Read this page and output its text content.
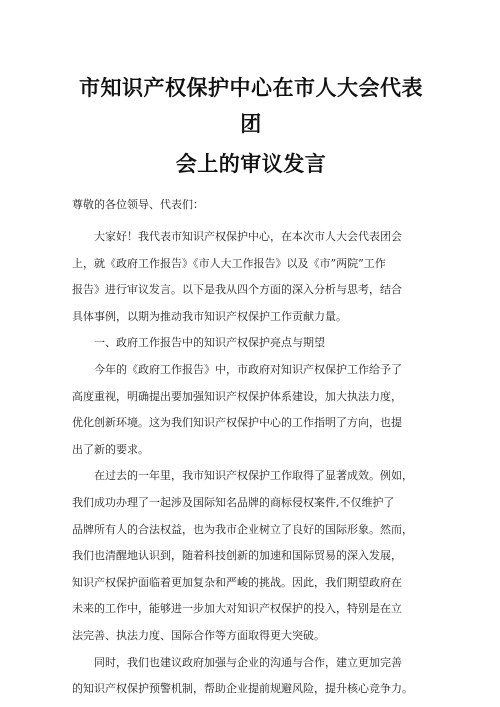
市知识产权保护中心在市人大会代表团
会上的审议发言

尊敬的各位领导、代表们：

大家好！我代表市知识产权保护中心，在本次市人大会代表团会
上，就《政府工作报告》《市人大工作报告》以及《市”两院”工作
报告》进行审议发言。以下是我从四个方面的深入分析与思考，结合
具体事例，以期为推动我市知识产权保护工作贡献力量。

一、政府工作报告中的知识产权保护亮点与期望

今年的《政府工作报告》中，市政府对知识产权保护工作给予了
高度重视，明确提出要加强知识产权保护体系建设，加大执法力度，
优化创新环境。这为我们知识产权保护中心的工作指明了方向，也提
出了新的要求。

在过去的一年里，我市知识产权保护工作取得了显著成效。例如，
我们成功办理了一起涉及国际知名品牌的商标侵权案件,不仅维护了
品牌所有人的合法权益，也为我市企业树立了良好的国际形象。然而，
我们也清醒地认识到，随着科技创新的加速和国际贸易的深入发展，
知识产权保护面临着更加复杂和严峻的挑战。因此，我们期望政府在
未来的工作中，能够进一步加大对知识产权保护的投入，特别是在立
法完善、执法力度、国际合作等方面取得更大突破。

同时，我们也建议政府加强与企业的沟通与合作，建立更加完善
的知识产权保护预警机制，帮助企业提前规避风险，提升核心竞争力。
